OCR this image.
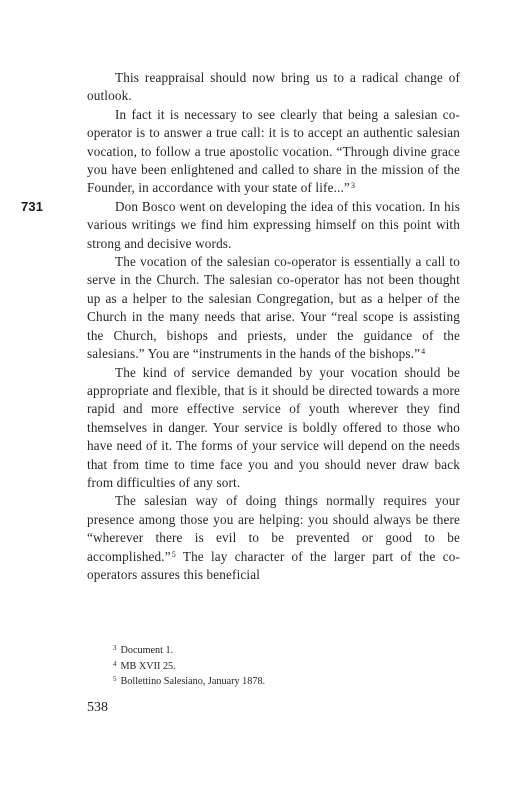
This reappraisal should now bring us to a radical change of outlook.

In fact it is necessary to see clearly that being a salesian co-operator is to answer a true call: it is to accept an authentic salesian vocation, to follow a true apostolic vocation. “Through divine grace you have been enlightened and called to share in the mission of the Founder, in accordance with your state of life...”$^3$

731	Don Bosco went on developing the idea of this vocation. In his various writings we find him expressing himself on this point with strong and decisive words.

The vocation of the salesian co-operator is essentially a call to serve in the Church. The salesian co-operator has not been thought up as a helper to the salesian Congregation, but as a helper of the Church in the many needs that arise. Your “real scope is assisting the Church, bishops and priests, under the guidance of the salesians.” You are “instruments in the hands of the bishops.”$^4$

The kind of service demanded by your vocation should be appropriate and flexible, that is it should be directed towards a more rapid and more effective service of youth wherever they find themselves in danger. Your service is boldly offered to those who have need of it. The forms of your service will depend on the needs that from time to time face you and you should never draw back from difficulties of any sort.

The salesian way of doing things normally requires your presence among those you are helping: you should always be there “wherever there is evil to be prevented or good to be accomplished.”$^5$ The lay character of the larger part of the co-operators assures this beneficial

$^3$ Document 1.

$^4$ MB XVII 25.

$^5$ Bollettino Salesiano, January 1878.

538
